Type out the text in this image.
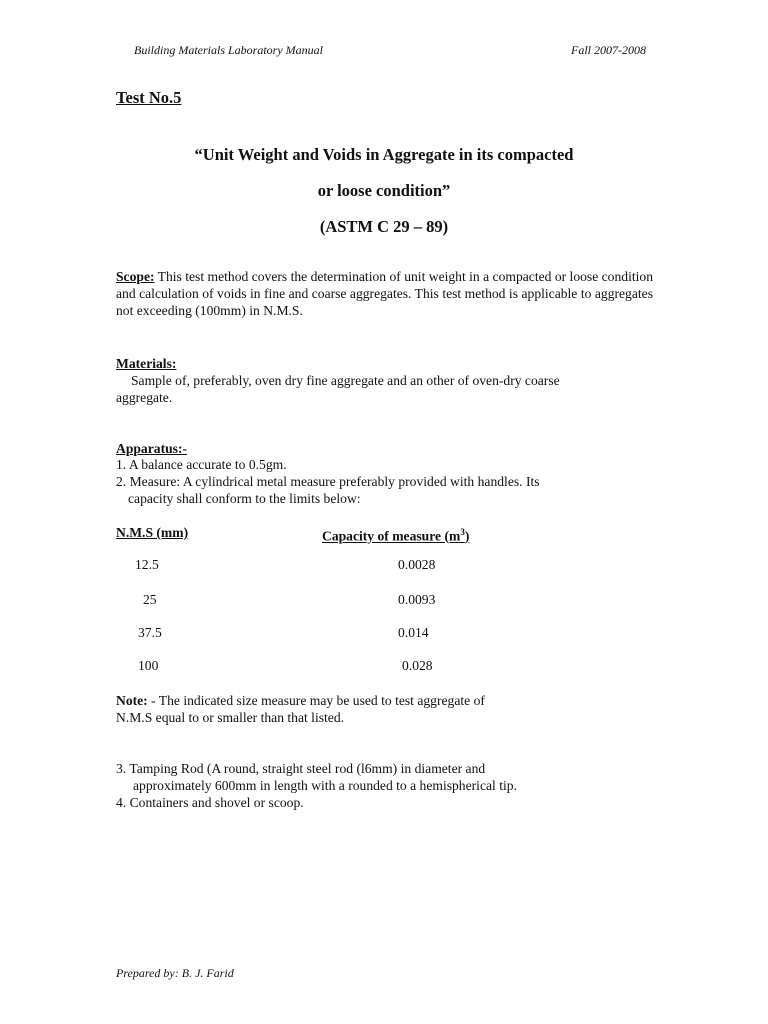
Building Materials Laboratory Manual	Fall 2007-2008
Test No.5
“Unit Weight and Voids in Aggregate in its compacted
or loose condition”
(ASTM C 29 – 89)
Scope: This test method covers the determination of unit weight in a compacted or loose condition and calculation of voids in fine and coarse aggregates. This test method is applicable to aggregates not exceeding (100mm) in N.M.S.
Materials:
Sample of, preferably, oven dry fine aggregate and an other of oven-dry coarse
aggregate.
Apparatus:-
1. A balance accurate to 0.5gm.
2. Measure: A cylindrical metal measure preferably provided with handles. Its
capacity shall conform to the limits below:
N.M.S (mm)	Capacity of measure $(m^3)$
12.5	0.0028
25	0.0093
37.5	0.014
100	0.028
Note: - The indicated size measure may be used to test aggregate of
N.M.S equal to or smaller than that listed.
3. Tamping Rod (A round, straight steel rod (l6mm) in diameter and
approximately 600mm in length with a rounded to a hemispherical tip.
4. Containers and shovel or scoop.
Prepared by: B. J. Farid
